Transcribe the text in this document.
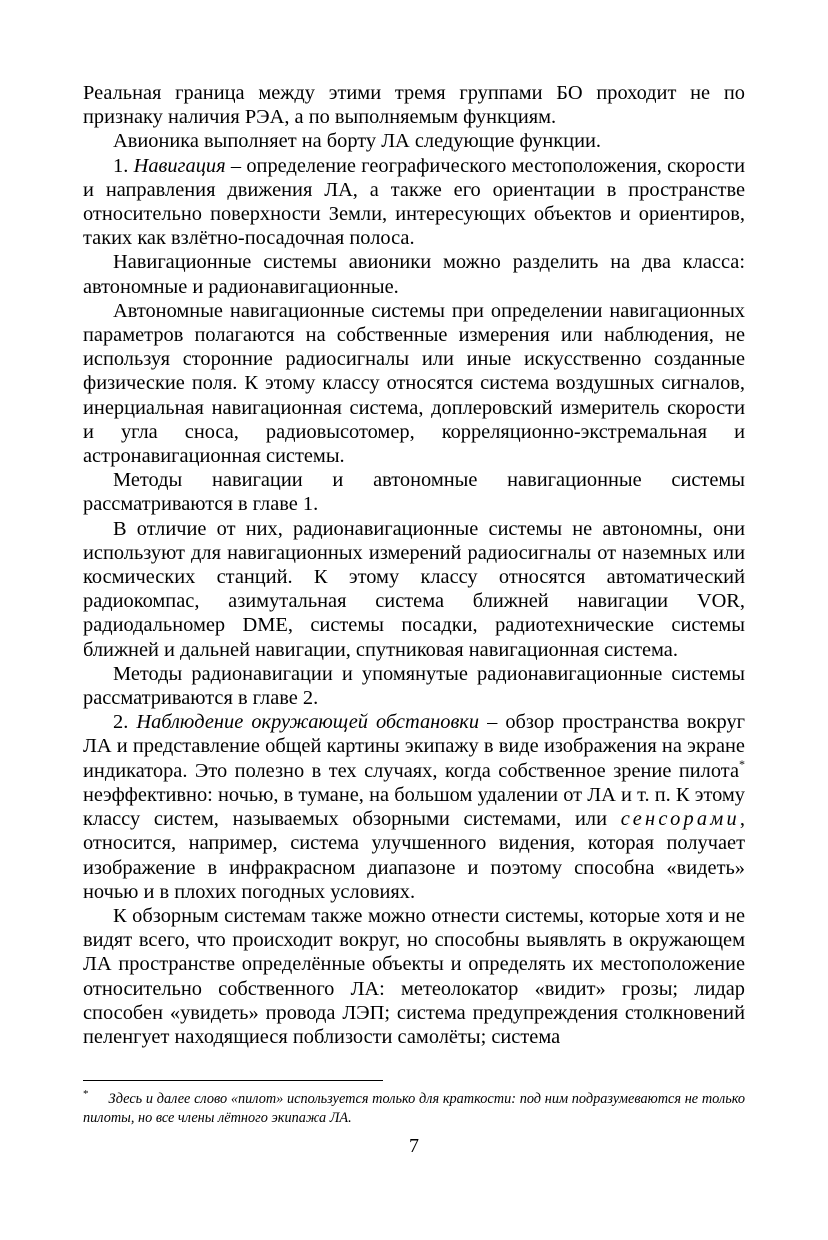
Реальная граница между этими тремя группами БО проходит не по признаку наличия РЭА, а по выполняемым функциям.

Авионика выполняет на борту ЛА следующие функции.

1. Навигация – определение географического местоположения, скорости и направления движения ЛА, а также его ориентации в пространстве относительно поверхности Земли, интересующих объектов и ориентиров, таких как взлётно-посадочная полоса.

Навигационные системы авионики можно разделить на два класса: автономные и радионавигационные.

Автономные навигационные системы при определении навигационных параметров полагаются на собственные измерения или наблюдения, не используя сторонние радиосигналы или иные искусственно созданные физические поля. К этому классу относятся система воздушных сигналов, инерциальная навигационная система, доплеровский измеритель скорости и угла сноса, радиовысотомер, корреляционно-экстремальная и астронавигационная системы.

Методы навигации и автономные навигационные системы рассматриваются в главе 1.

В отличие от них, радионавигационные системы не автономны, они используют для навигационных измерений радиосигналы от наземных или космических станций. К этому классу относятся автоматический радиокомпас, азимутальная система ближней навигации VOR, радиодальномер DME, системы посадки, радиотехнические системы ближней и дальней навигации, спутниковая навигационная система.

Методы радионавигации и упомянутые радионавигационные системы рассматриваются в главе 2.

2. Наблюдение окружающей обстановки – обзор пространства вокруг ЛА и представление общей картины экипажу в виде изображения на экране индикатора. Это полезно в тех случаях, когда собственное зрение пилота* неэффективно: ночью, в тумане, на большом удалении от ЛА и т. п. К этому классу систем, называемых обзорными системами, или сенсорами, относится, например, система улучшенного видения, которая получает изображение в инфракрасном диапазоне и поэтому способна «видеть» ночью и в плохих погодных условиях.

К обзорным системам также можно отнести системы, которые хотя и не видят всего, что происходит вокруг, но способны выявлять в окружающем ЛА пространстве определённые объекты и определять их местоположение относительно собственного ЛА: метеолокатор «видит» грозы; лидар способен «увидеть» провода ЛЭП; система предупреждения столкновений пеленгует находящиеся поблизости самолёты; система

* Здесь и далее слово «пилот» используется только для краткости: под ним подразумеваются не только пилоты, но все члены лётного экипажа ЛА.

7
